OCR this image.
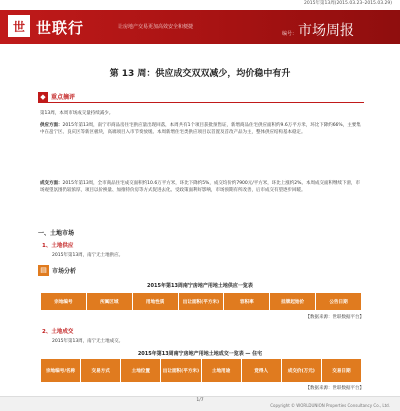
2015年第13周(2015.03.23–2015.03.29)
世 世联行	让房地产交易更加高效安全和便捷
编号： 市场周报
第 13 周：供应成交双双减少，均价稳中有升
◆ 重点摘评
第13周，本周市场成交量持续减少。
供应方面：2015年第13周，南宁市商品房住宅供应量出现回落，本周共有1个项目获批预售证，新增商品住宅供应面积约9.6万平方米，环比下降约66%，主要集中在邕宁区、良庆区等新区板块，高端项目入市节奏放缓。本周新增住宅类供应项目以首置及首改产品为主，整体供应结构基本稳定。
成交方面：2015年第13周，全市商品住宅成交面积约10.6万平方米，环比下降约5%，成交均价约7900元/平方米，环比上涨约2%。本周成交面积继续下滑，市场观望氛围仍较浓厚，项目以价换量、加推特价房等方式促进去化。受政策面利好影响，市场预期有所改善，后市成交有望逐步回暖。
一、土地市场
1、土地供应
2015年第13周，南宁无土地供应。
▤ 市场分析
2015年第13周南宁房地产用地土地供应一览表
宗地编号	所属区域	用地性质	出让面积(平方米)	容积率	挂牌起始价	公告日期
【数据来源：世联数据平台】
2、土地成交
2015年第13周，南宁无土地成交。
2015年第13周南宁房地产用地土地成交一览表 — 住宅
宗地编号/名称	交易方式	土地位置	出让面积(平方米)	土地用途	竞得人	成交价(万元)	交易日期
【数据来源：世联数据平台】
1/7
Copyright © WORLDUNION Properties Consultancy Co., Ltd.
